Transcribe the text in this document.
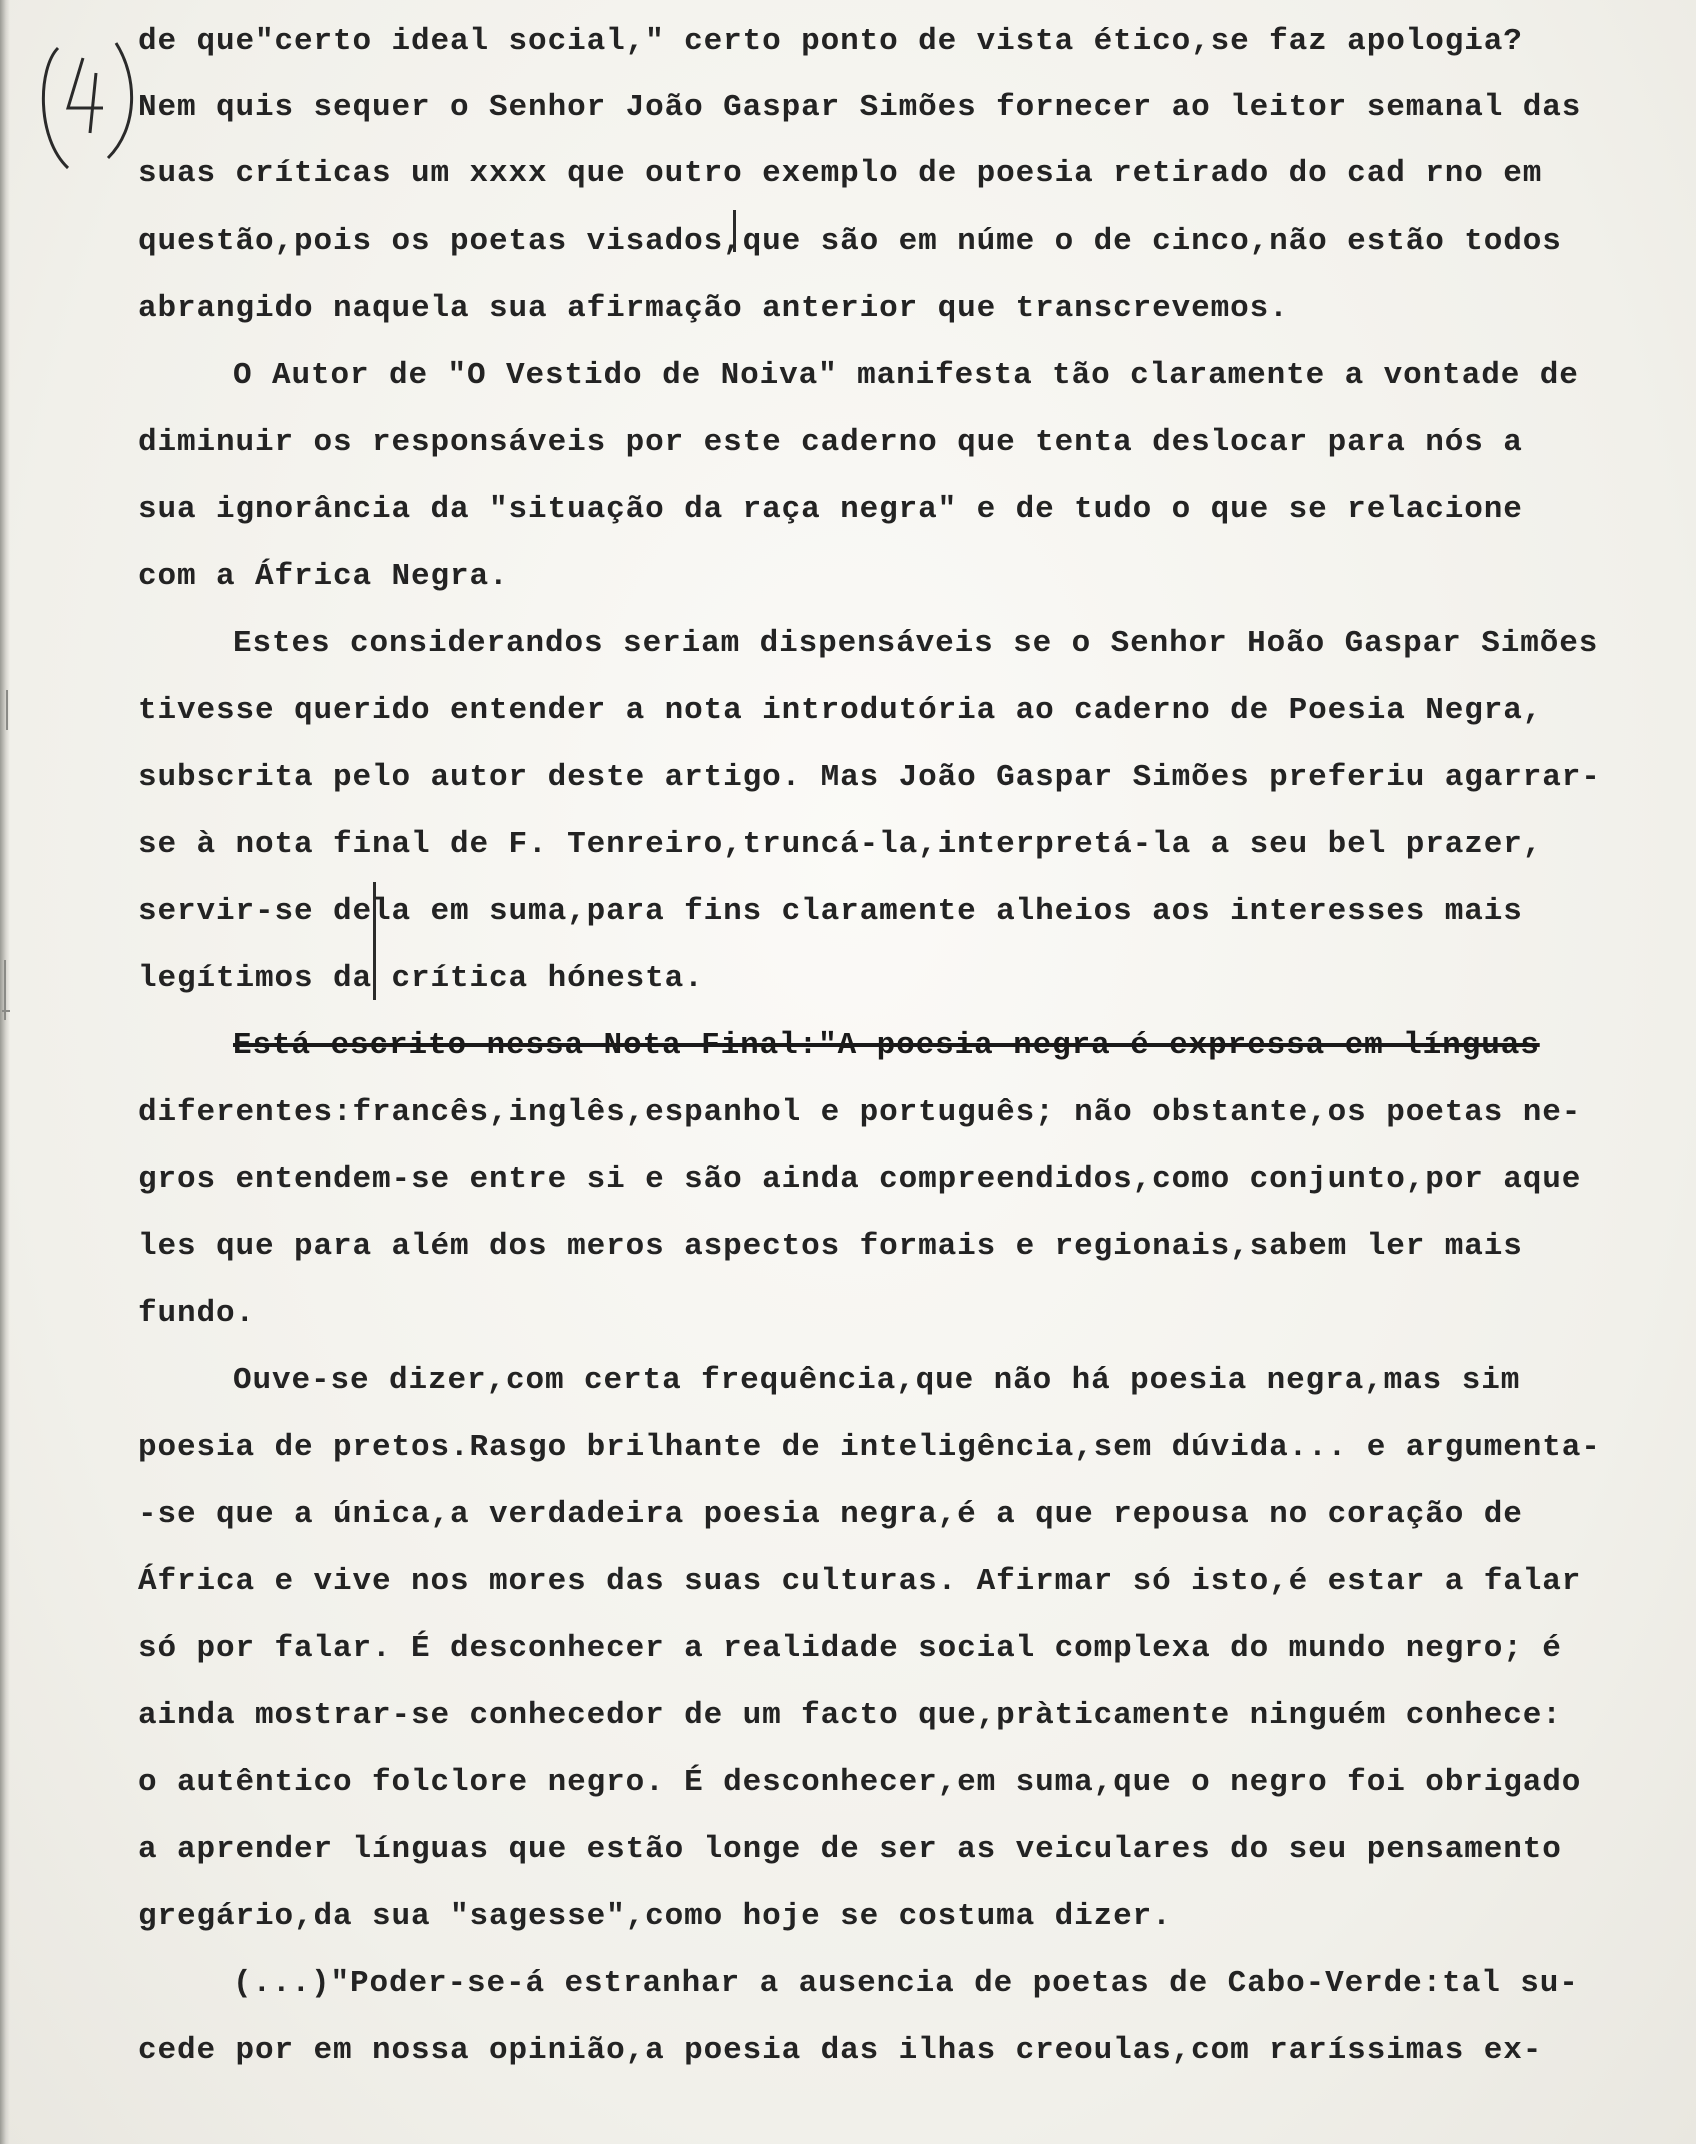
de que"certo ideal social," certo ponto de vista ético,se faz apologia?
Nem quis sequer o Senhor João Gaspar Simões fornecer ao leitor semanal das
suas críticas um xxxx que outro exemplo de poesia retirado do cad rno em
questão,pois os poetas visados,que são em núme o de cinco,não estão todos
abrangido naquela sua afirmação anterior que transcrevemos.
O Autor de "O Vestido de Noiva" manifesta tão claramente a vontade de
diminuir os responsáveis por este caderno que tenta deslocar para nós a
sua ignorância da "situação da raça negra" e de tudo o que se relacione
com a África Negra.
Estes considerandos seriam dispensáveis se o Senhor Hoão Gaspar Simões
tivesse querido entender a nota introdutória ao caderno de Poesia Negra,
subscrita pelo autor deste artigo. Mas João Gaspar Simões preferiu agarrar-
se à nota final de F. Tenreiro,truncá-la,interpretá-la a seu bel prazer,
servir-se dela em suma,para fins claramente alheios aos interesses mais
legítimos da crítica hónesta.
Está escrito nessa Nota Final:"A poesia negra é expressa em línguas
diferentes:francês,inglês,espanhol e português; não obstante,os poetas ne-
gros entendem-se entre si e são ainda compreendidos,como conjunto,por aque
les que para além dos meros aspectos formais e regionais,sabem ler mais
fundo.
Ouve-se dizer,com certa frequência,que não há poesia negra,mas sim
poesia de pretos.Rasgo brilhante de inteligência,sem dúvida... e argumenta-
-se que a única,a verdadeira poesia negra,é a que repousa no coração de
África e vive nos mores das suas culturas. Afirmar só isto,é estar a falar
só por falar. É desconhecer a realidade social complexa do mundo negro; é
ainda mostrar-se conhecedor de um facto que,pràticamente ninguém conhece:
o autêntico folclore negro. É desconhecer,em suma,que o negro foi obrigado
a aprender línguas que estão longe de ser as veiculares do seu pensamento
gregário,da sua "sagesse",como hoje se costuma dizer.
(...)"Poder-se-á estranhar a ausencia de poetas de Cabo-Verde:tal su-
cede por em nossa opinião,a poesia das ilhas creoulas,com raríssimas ex-
